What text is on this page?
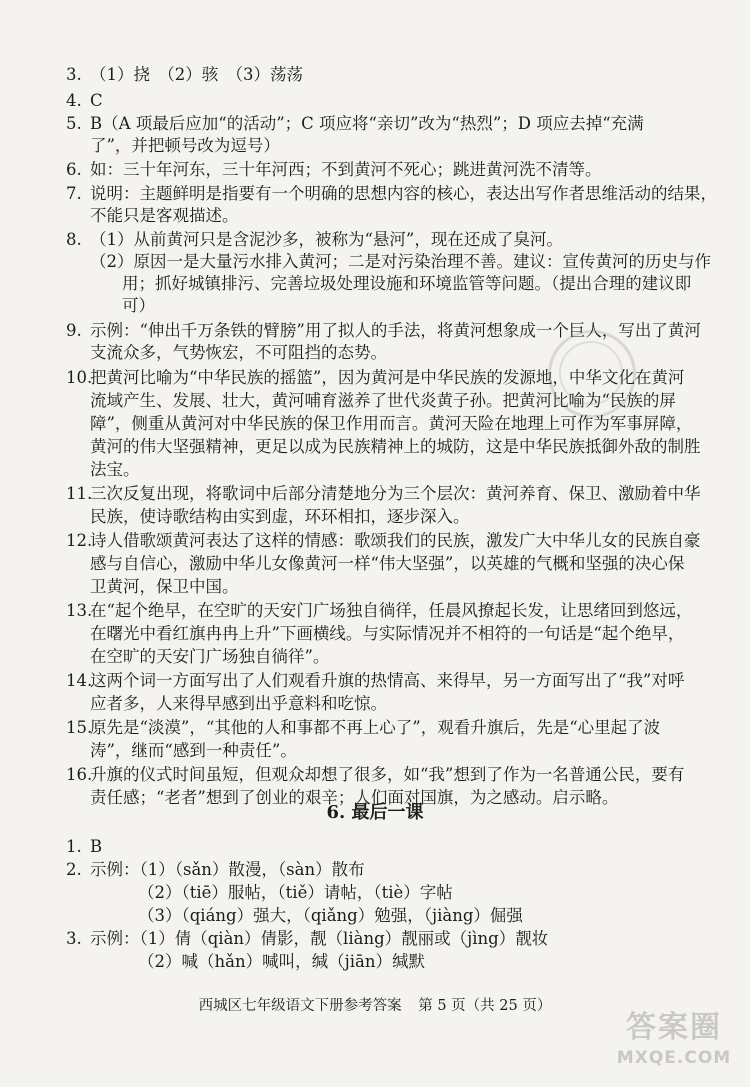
3. （1）挠　（2）骇　（3）荡荡
4. C
5. B（A 项最后应加“的活动”；C 项应将“亲切”改为“热烈”；D 项应去掉“充满
了”，并把顿号改为逗号）
6. 如：三十年河东，三十年河西；不到黄河不死心；跳进黄河洗不清等。
7. 说明：主题鲜明是指要有一个明确的思想内容的核心，表达出写作者思维活动的结果，
不能只是客观描述。
8. （1）从前黄河只是含泥沙多，被称为“悬河”，现在还成了臭河。
（2）原因一是大量污水排入黄河；二是对污染治理不善。建议：宣传黄河的历史与作
用；抓好城镇排污、完善垃圾处理设施和环境监管等问题。（提出合理的建议即
可）
9. 示例：“伸出千万条铁的臂膀”用了拟人的手法，将黄河想象成一个巨人，写出了黄河
支流众多，气势恢宏，不可阻挡的态势。
10.
把黄河比喻为“中华民族的摇篮”，因为黄河是中华民族的发源地，中华文化在黄河
流域产生、发展、壮大，黄河哺育滋养了世代炎黄子孙。把黄河比喻为“民族的屏
障”，侧重从黄河对中华民族的保卫作用而言。黄河天险在地理上可作为军事屏障，
黄河的伟大坚强精神，更足以成为民族精神上的城防，这是中华民族抵御外敌的制胜
法宝。
11.
三次反复出现，将歌词中后部分清楚地分为三个层次：黄河养育、保卫、激励着中华
民族，使诗歌结构由实到虚，环环相扣，逐步深入。
12.
诗人借歌颂黄河表达了这样的情感：歌颂我们的民族，激发广大中华儿女的民族自豪
感与自信心，激励中华儿女像黄河一样“伟大坚强”，以英雄的气概和坚强的决心保
卫黄河，保卫中国。
13.
在“起个绝早，在空旷的天安门广场独自徜徉，任晨风撩起长发，让思绪回到悠远，
在曙光中看红旗冉冉上升”下画横线。与实际情况并不相符的一句话是“起个绝早，
在空旷的天安门广场独自徜徉”。
14.
这两个词一方面写出了人们观看升旗的热情高、来得早，另一方面写出了“我”对呼
应者多，人来得早感到出乎意料和吃惊。
15.
原先是“淡漠”，“其他的人和事都不再上心了”，观看升旗后，先是“心里起了波
涛”，继而“感到一种责任”。
16.
升旗的仪式时间虽短，但观众却想了很多，如“我”想到了作为一名普通公民，要有
责任感；“老者”想到了创业的艰辛；人们面对国旗，为之感动。启示略。
6. 最后一课
1. B
2. 示例：（1）（sǎn）散漫，（sàn）散布
（2）（tiē）服帖，（tiě）请帖，（tiè）字帖
（3）（qiáng）强大，（qiǎng）勉强，（jiàng）倔强
3. 示例：（1）倩（qiàn）倩影，靓（liàng）靓丽或（jìng）靓妆
（2）喊（hǎn）喊叫，缄（jiān）缄默
西城区七年级语文下册参考答案 第 5 页（共 25 页）
答案圈
MXQE.COM
